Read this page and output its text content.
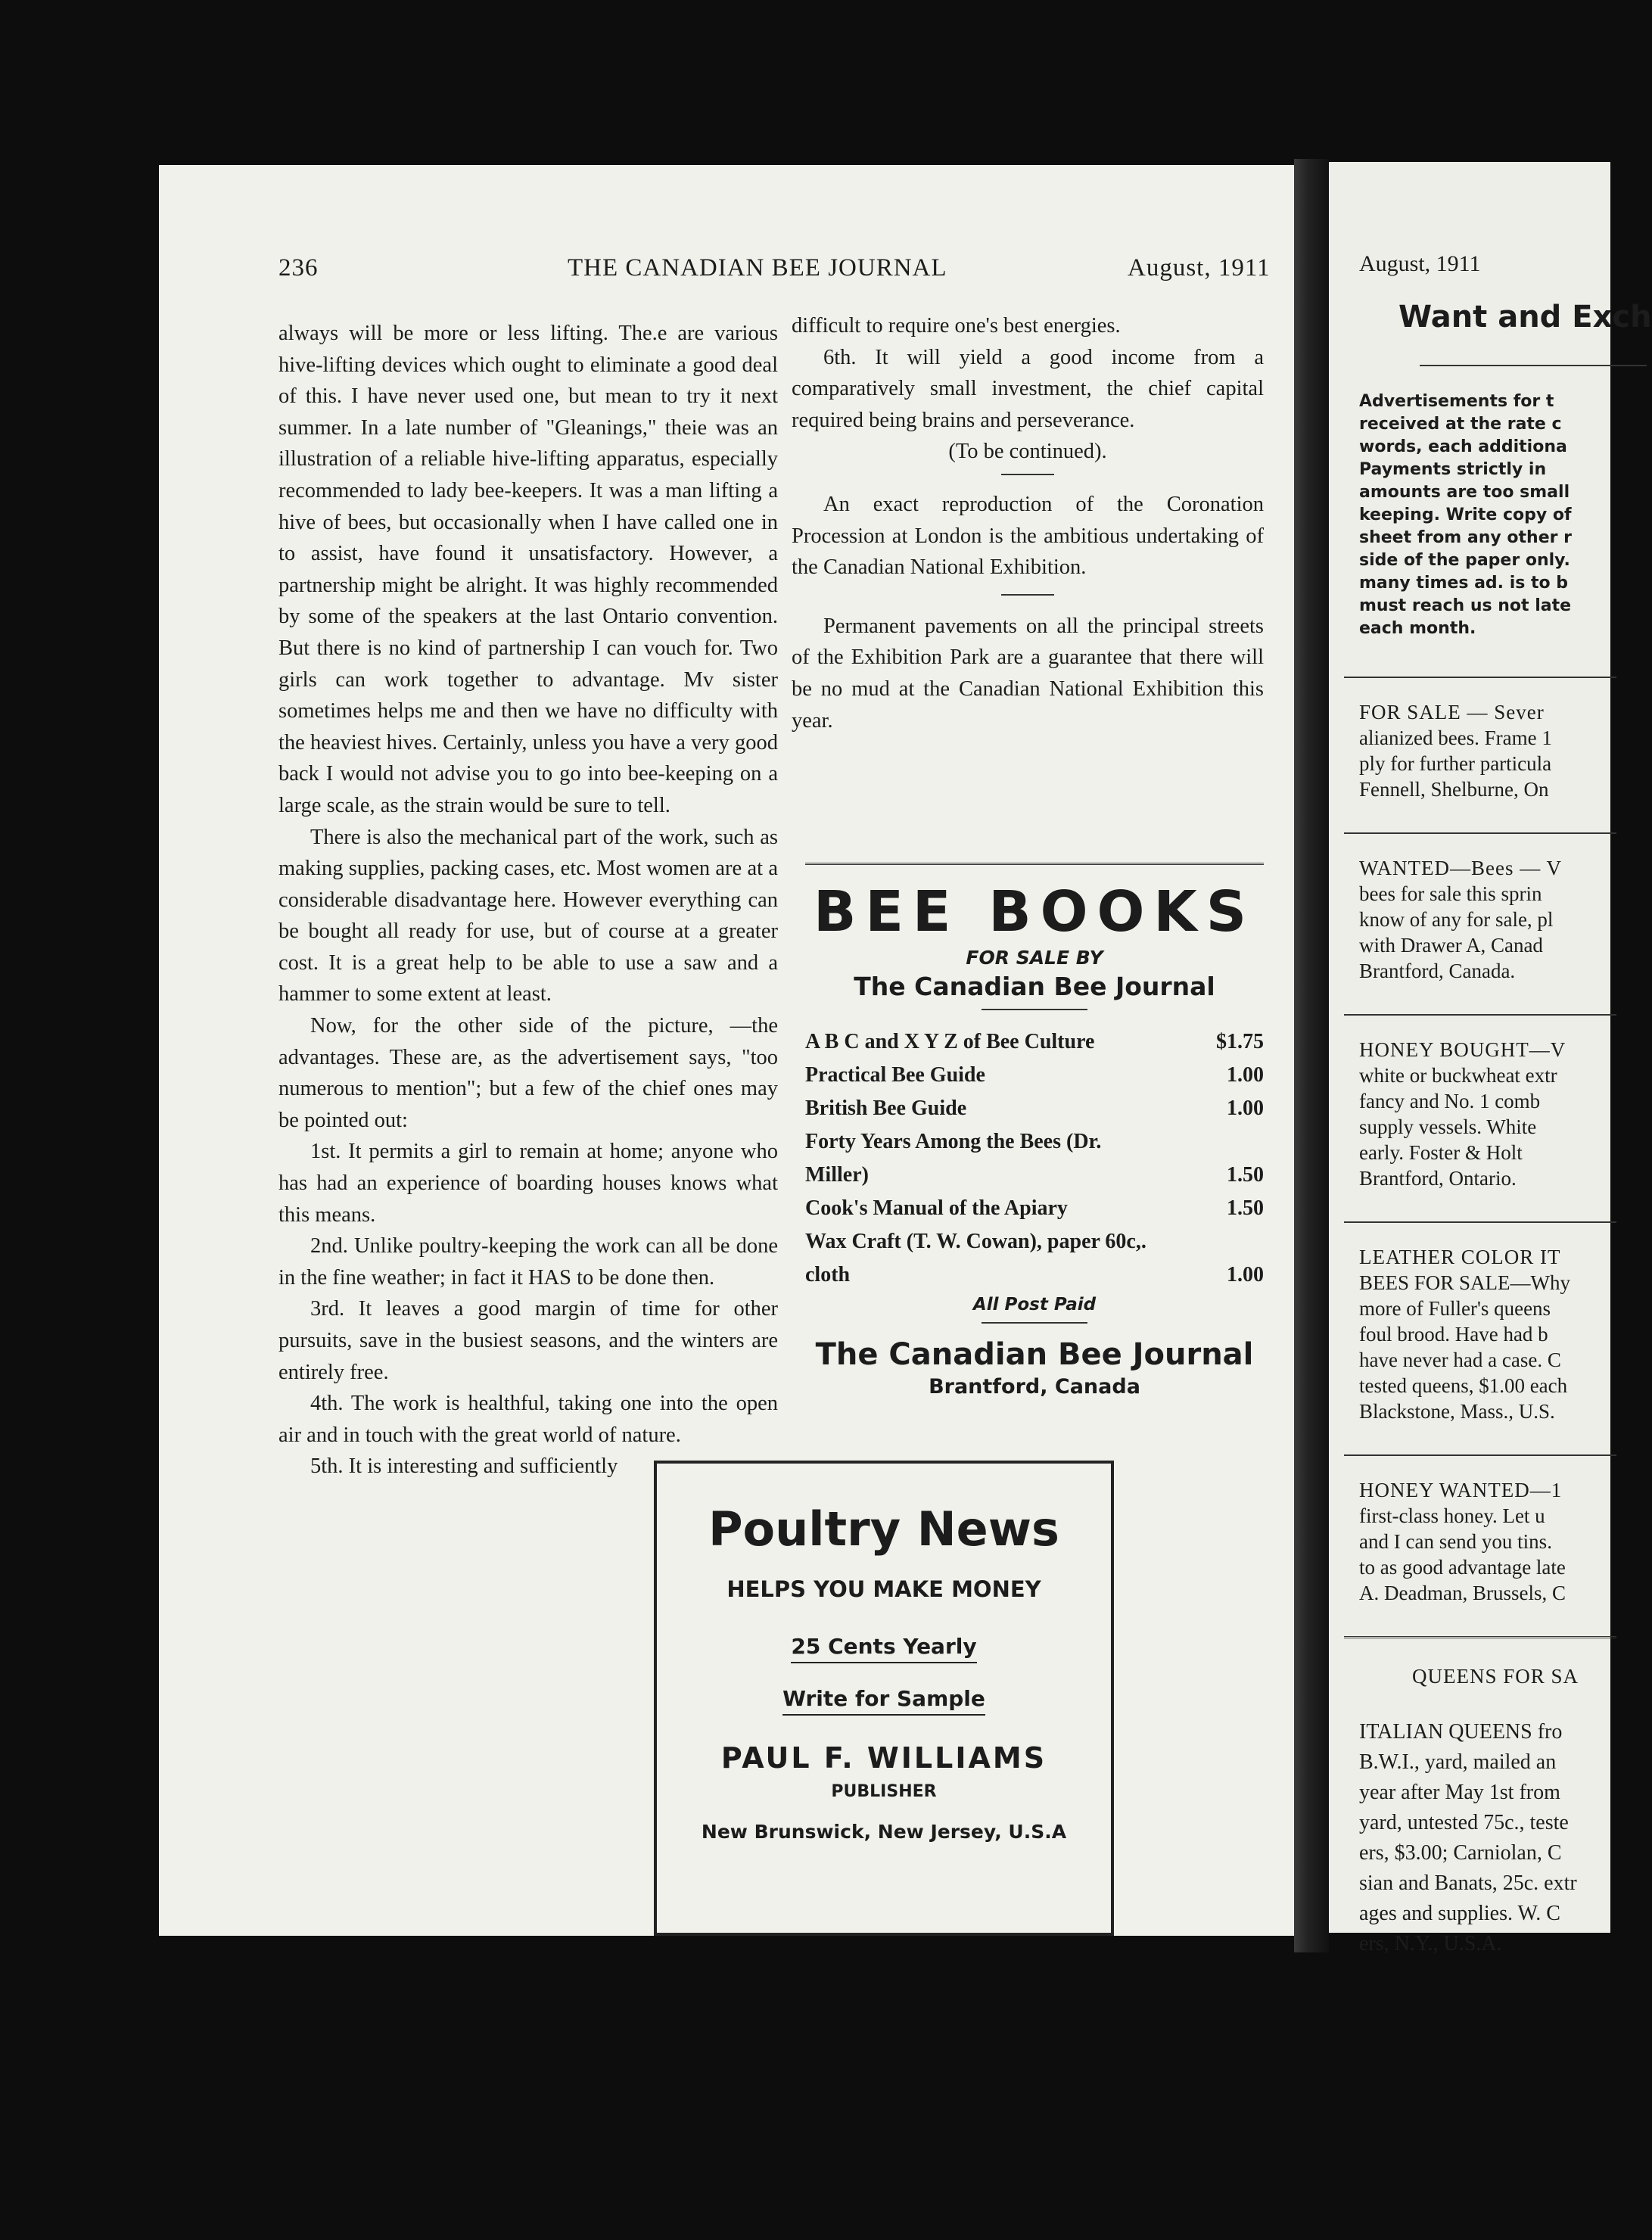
236	THE CANADIAN BEE JOURNAL	August, 1911

always will be more or less lifting. The.e are various hive-lifting devices which ought to eliminate a good deal of this. I have never used one, but mean to try it next summer. In a late number of "Gleanings," theie was an illustration of a reliable hive-lifting apparatus, especially recommended to lady bee-keepers. It was a man lifting a hive of bees, but occasionally when I have called one in to assist, have found it unsatisfactory. However, a partnership might be alright. It was highly recommended by some of the speakers at the last Ontario convention. But there is no kind of partnership I can vouch for. Two girls can work together to advantage. Mv sister sometimes helps me and then we have no difficulty with the heaviest hives. Certainly, unless you have a very good back I would not advise you to go into bee-keeping on a large scale, as the strain would be sure to tell.

There is also the mechanical part of the work, such as making supplies, packing cases, etc. Most women are at a considerable disadvantage here. However everything can be bought all ready for use, but of course at a greater cost. It is a great help to be able to use a saw and a hammer to some extent at least.

Now, for the other side of the picture, —the advantages. These are, as the advertisement says, "too numerous to mention"; but a few of the chief ones may be pointed out:

1st. It permits a girl to remain at home; anyone who has had an experience of boarding houses knows what this means.

2nd. Unlike poultry-keeping the work can all be done in the fine weather; in fact it HAS to be done then.

3rd. It leaves a good margin of time for other pursuits, save in the busiest seasons, and the winters are entirely free.

4th. The work is healthful, taking one into the open air and in touch with the great world of nature.

5th. It is interesting and sufficiently

difficult to require one's best energies.

6th. It will yield a good income from a comparatively small investment, the chief capital required being brains and perseverance.

(To be continued).

An exact reproduction of the Coronation Procession at London is the ambitious undertaking of the Canadian National Exhibition.

Permanent pavements on all the principal streets of the Exhibition Park are a guarantee that there will be no mud at the Canadian National Exhibition this year.

BEE BOOKS

FOR SALE BY
The Canadian Bee Journal
A B C and X Y Z of Bee Culture	$1.75
Practical Bee Guide	1.00
British Bee Guide	1.00
Forty Years Among the Bees (Dr. Miller)	1.50
Cook's Manual of the Apiary	1.50
Wax Craft (T. W. Cowan), paper 60c,. cloth	1.00
All Post Paid
The Canadian Bee Journal
Brantford, Canada
Poultry News
HELPS YOU MAKE MONEY
25 Cents Yearly
Write for Sample
PAUL F. WILLIAMS
PUBLISHER
New Brunswick, New Jersey, U.S.A
August, 1911
Want and Exch
Advertisements for t
received at the rate c
words, each additiona
Payments strictly in
amounts are too small
keeping. Write copy of
sheet from any other r
side of the paper only.
many times ad. is to b
must reach us not late
each month.
FOR SALE — Sever
alianized bees. Frame 1
ply for further particula
Fennell, Shelburne, On
WANTED—Bees — V
bees for sale this sprin
know of any for sale, pl
with Drawer A, Canad
Brantford, Canada.
HONEY BOUGHT—V
white or buckwheat extr
fancy and No. 1 comb
supply vessels. White
early. Foster & Holt
Brantford, Ontario.
LEATHER COLOR IT
BEES FOR SALE—Why
more of Fuller's queens
foul brood. Have had b
have never had a case. C
tested queens, $1.00 each
Blackstone, Mass., U.S.
HONEY WANTED—1
first-class honey. Let u
and I can send you tins.
to as good advantage late
A. Deadman, Brussels, C
QUEENS FOR SA
ITALIAN QUEENS fro
B.W.I., yard, mailed an
year after May 1st from
yard, untested 75c., teste
ers, $3.00; Carniolan, C
sian and Banats, 25c. extr
ages and supplies. W. C
ers, N.Y., U.S.A.
